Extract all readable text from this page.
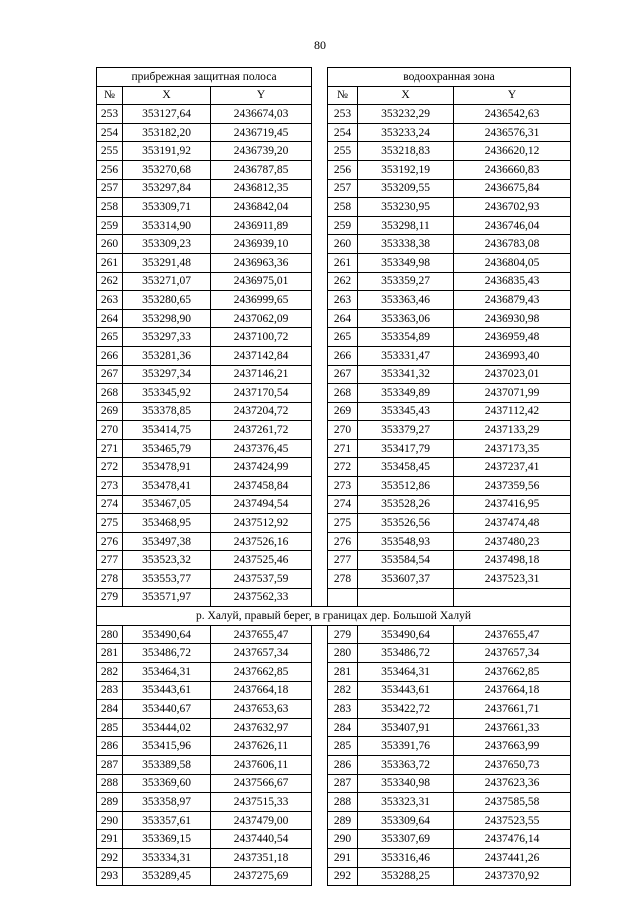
80
прибрежная защитная полоса				водоохранная зона		
№	X	Y		№	X	Y
253	353127,64	2436674,03		253	353232,29	2436542,63
254	353182,20	2436719,45		254	353233,24	2436576,31
255	353191,92	2436739,20		255	353218,83	2436620,12
256	353270,68	2436787,85		256	353192,19	2436660,83
257	353297,84	2436812,35		257	353209,55	2436675,84
258	353309,71	2436842,04		258	353230,95	2436702,93
259	353314,90	2436911,89		259	353298,11	2436746,04
260	353309,23	2436939,10		260	353338,38	2436783,08
261	353291,48	2436963,36		261	353349,98	2436804,05
262	353271,07	2436975,01		262	353359,27	2436835,43
263	353280,65	2436999,65		263	353363,46	2436879,43
264	353298,90	2437062,09		264	353363,06	2436930,98
265	353297,33	2437100,72		265	353354,89	2436959,48
266	353281,36	2437142,84		266	353331,47	2436993,40
267	353297,34	2437146,21		267	353341,32	2437023,01
268	353345,92	2437170,54		268	353349,89	2437071,99
269	353378,85	2437204,72		269	353345,43	2437112,42
270	353414,75	2437261,72		270	353379,27	2437133,29
271	353465,79	2437376,45		271	353417,79	2437173,35
272	353478,91	2437424,99		272	353458,45	2437237,41
273	353478,41	2437458,84		273	353512,86	2437359,56
274	353467,05	2437494,54		274	353528,26	2437416,95
275	353468,95	2437512,92		275	353526,56	2437474,48
276	353497,38	2437526,16		276	353548,93	2437480,23
277	353523,32	2437525,46		277	353584,54	2437498,18
278	353553,77	2437537,59		278	353607,37	2437523,31
279	353571,97	2437562,33				
р. Халуй, правый берег, в границах дер. Большой Халуй						
280	353490,64	2437655,47		279	353490,64	2437655,47
281	353486,72	2437657,34		280	353486,72	2437657,34
282	353464,31	2437662,85		281	353464,31	2437662,85
283	353443,61	2437664,18		282	353443,61	2437664,18
284	353440,67	2437653,63		283	353422,72	2437661,71
285	353444,02	2437632,97		284	353407,91	2437661,33
286	353415,96	2437626,11		285	353391,76	2437663,99
287	353389,58	2437606,11		286	353363,72	2437650,73
288	353369,60	2437566,67		287	353340,98	2437623,36
289	353358,97	2437515,33		288	353323,31	2437585,58
290	353357,61	2437479,00		289	353309,64	2437523,55
291	353369,15	2437440,54		290	353307,69	2437476,14
292	353334,31	2437351,18		291	353316,46	2437441,26
293	353289,45	2437275,69		292	353288,25	2437370,92
